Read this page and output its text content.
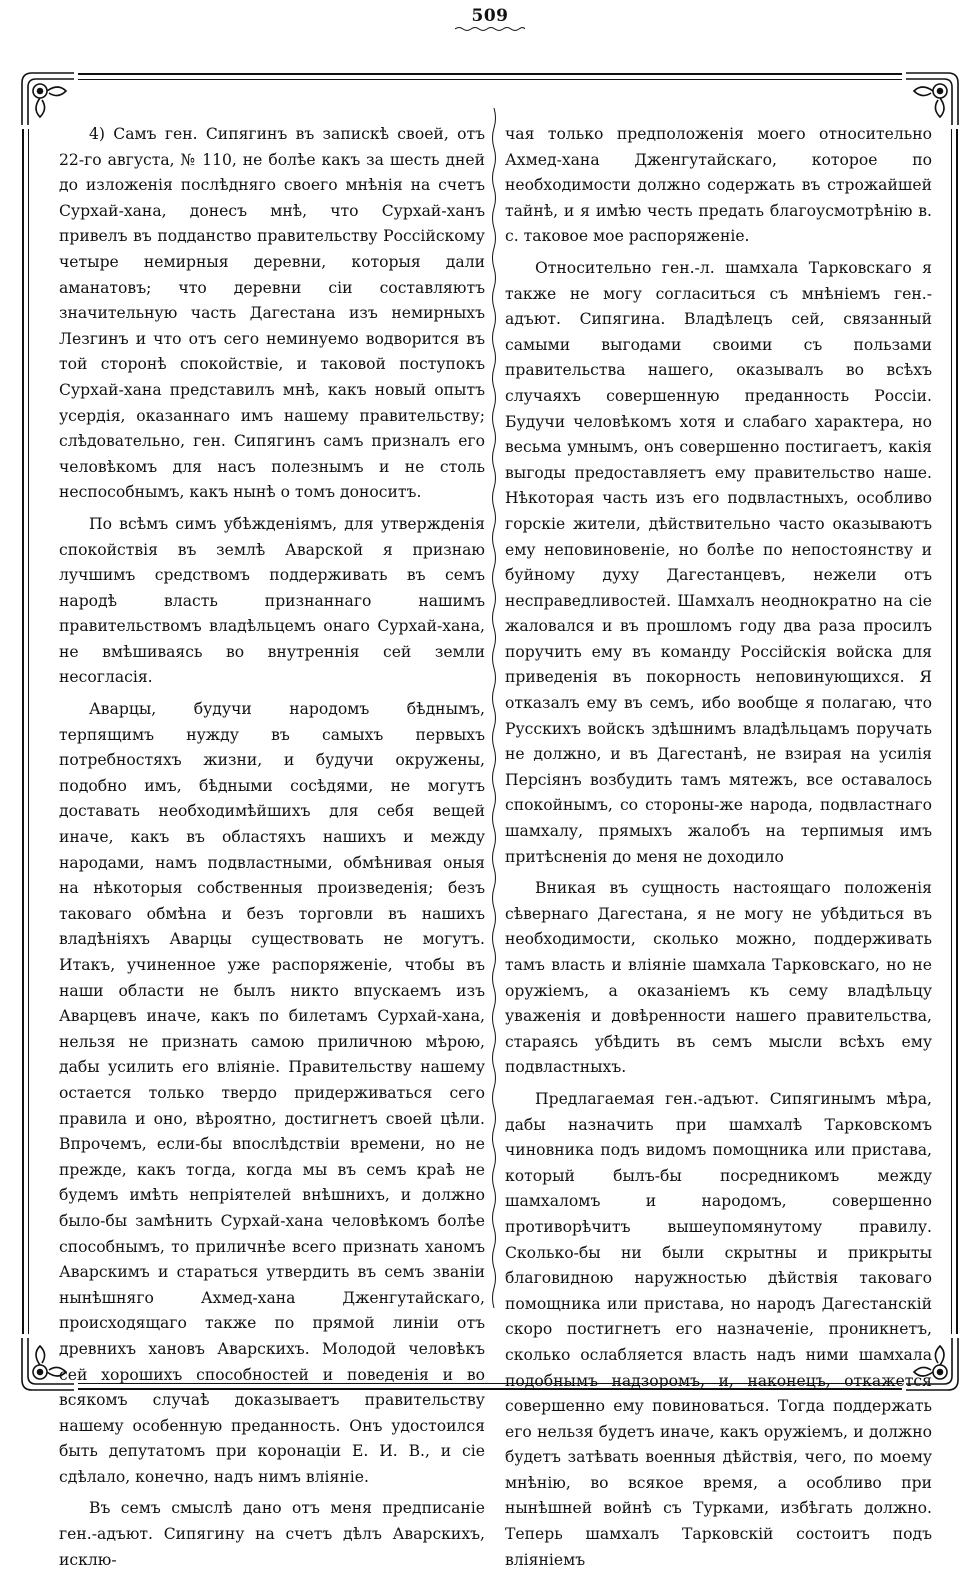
509

4) Самъ ген. Сипягинъ въ запискѣ своей, отъ 22-го августа, № 110, не болѣе какъ за шесть дней до изложенія послѣдняго своего мнѣнія на счетъ Сурхай-хана, донесъ мнѣ, что Сурхай-ханъ привелъ въ подданство правительству Россійскому четыре немирныя деревни, которыя дали аманатовъ; что деревни сіи составляютъ значительную часть Дагестана изъ немирныхъ Лезгинъ и что отъ сего неминуемо водворится въ той сторонѣ спокойствіе, и таковой поступокъ Сурхай-хана представилъ мнѣ, какъ новый опытъ усердія, оказаннаго имъ нашему правительству; слѣдовательно, ген. Сипягинъ самъ призналъ его человѣкомъ для насъ полезнымъ и не столь неспособнымъ, какъ нынѣ о томъ доноситъ.

По всѣмъ симъ убѣжденіямъ, для утвержденія спокойствія въ землѣ Аварской я признаю лучшимъ средствомъ поддерживать въ семъ народѣ власть признаннаго нашимъ правительствомъ владѣльцемъ онаго Сурхай-хана, не вмѣшиваясь во внутреннія сей земли несогласія.

Аварцы, будучи народомъ бѣднымъ, терпящимъ нужду въ самыхъ первыхъ потребностяхъ жизни, и будучи окружены, подобно имъ, бѣдными сосѣдями, не могутъ доставать необходимѣйшихъ для себя вещей иначе, какъ въ областяхъ нашихъ и между народами, намъ подвластными, обмѣнивая оныя на нѣкоторыя собственныя произведенія; безъ таковаго обмѣна и безъ торговли въ нашихъ владѣніяхъ Аварцы существовать не могутъ. Итакъ, учиненное уже распоряженіе, чтобы въ наши области не былъ никто впускаемъ изъ Аварцевъ иначе, какъ по билетамъ Сурхай-хана, нельзя не признать самою приличною мѣрою, дабы усилить его вліяніе. Правительству нашему остается только твердо придерживаться сего правила и оно, вѣроятно, достигнетъ своей цѣли. Впрочемъ, если-бы впослѣдствіи времени, но не прежде, какъ тогда, когда мы въ семъ краѣ не будемъ имѣть непріятелей внѣшнихъ, и должно было-бы замѣнить Сурхай-хана человѣкомъ болѣе способнымъ, то приличнѣе всего признать ханомъ Аварскимъ и стараться утвердить въ семъ званіи нынѣшняго Ахмед-хана Дженгутайскаго, происходящаго также по прямой линіи отъ древнихъ хановъ Аварскихъ. Молодой человѣкъ сей хорошихъ способностей и поведенія и во всякомъ случаѣ доказываетъ правительству нашему особенную преданность. Онъ удостоился быть депутатомъ при коронаціи Е. И. В., и сіе сдѣлало, конечно, надъ нимъ вліяніе.

Въ семъ смыслѣ дано отъ меня предписаніе ген.-адъют. Сипягину на счетъ дѣлъ Аварскихъ, исклю-

чая только предположенія моего относительно Ахмед-хана Дженгутайскаго, которое по необходимости должно содержать въ строжайшей тайнѣ, и я имѣю честь предать благоусмотрѣнію в. с. таковое мое распоряженіе.

Относительно ген.-л. шамхала Тарковскаго я также не могу согласиться съ мнѣніемъ ген.-адъют. Сипягина. Владѣлецъ сей, связанный самыми выгодами своими съ пользами правительства нашего, оказывалъ во всѣхъ случаяхъ совершенную преданность Россіи. Будучи человѣкомъ хотя и слабаго характера, но весьма умнымъ, онъ совершенно постигаетъ, какія выгоды предоставляетъ ему правительство наше. Нѣкоторая часть изъ его подвластныхъ, особливо горскіе жители, дѣйствительно часто оказываютъ ему неповиновеніе, но болѣе по непостоянству и буйному духу Дагестанцевъ, нежели отъ несправедливостей. Шамхалъ неоднократно на сіе жаловался и въ прошломъ году два раза просилъ поручить ему въ команду Россійскія войска для приведенія въ покорность неповинующихся. Я отказалъ ему въ семъ, ибо вообще я полагаю, что Русскихъ войскъ здѣшнимъ владѣльцамъ поручать не должно, и въ Дагестанѣ, не взирая на усилія Персіянъ возбудить тамъ мятежъ, все оставалось спокойнымъ, со стороны-же народа, подвластнаго шамхалу, прямыхъ жалобъ на терпимыя имъ притѣсненія до меня не доходило

Вникая въ сущность настоящаго положенія сѣвернаго Дагестана, я не могу не убѣдиться въ необходимости, сколько можно, поддерживать тамъ власть и вліяніе шамхала Тарковскаго, но не оружіемъ, а оказаніемъ къ сему владѣльцу уваженія и довѣренности нашего правительства, стараясь убѣдить въ семъ мысли всѣхъ ему подвластныхъ.

Предлагаемая ген.-адъют. Сипягинымъ мѣра, дабы назначить при шамхалѣ Тарковскомъ чиновника подъ видомъ помощника или пристава, который былъ-бы посредникомъ между шамхаломъ и народомъ, совершенно противорѣчитъ вышеупомянутому правилу. Сколько-бы ни были скрытны и прикрыты благовидною наружностью дѣйствія таковаго помощника или пристава, но народъ Дагестанскій скоро постигнетъ его назначеніе, проникнетъ, сколько ослабляется власть надъ ними шамхала подобнымъ надзоромъ, и, наконецъ, откажется совершенно ему повиноваться. Тогда поддержать его нельзя будетъ иначе, какъ оружіемъ, и должно будетъ затѣвать военныя дѣйствія, чего, по моему мнѣнію, во всякое время, а особливо при нынѣшней войнѣ съ Турками, избѣгать должно. Теперь шамхалъ Тарковскій состоитъ подъ вліяніемъ
